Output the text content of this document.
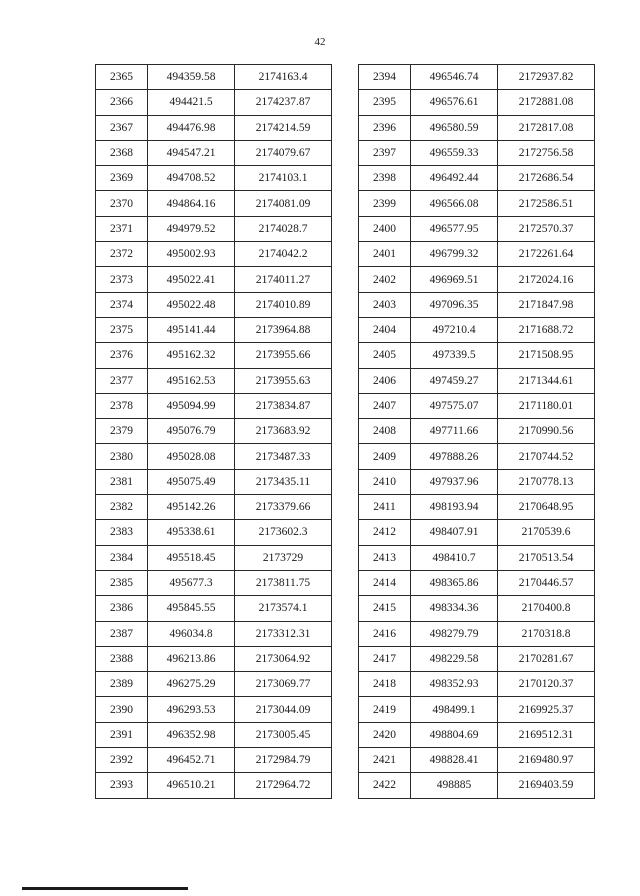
42
2365	494359.58	2174163.4
2366	494421.5	2174237.87
2367	494476.98	2174214.59
2368	494547.21	2174079.67
2369	494708.52	2174103.1
2370	494864.16	2174081.09
2371	494979.52	2174028.7
2372	495002.93	2174042.2
2373	495022.41	2174011.27
2374	495022.48	2174010.89
2375	495141.44	2173964.88
2376	495162.32	2173955.66
2377	495162.53	2173955.63
2378	495094.99	2173834.87
2379	495076.79	2173683.92
2380	495028.08	2173487.33
2381	495075.49	2173435.11
2382	495142.26	2173379.66
2383	495338.61	2173602.3
2384	495518.45	2173729
2385	495677.3	2173811.75
2386	495845.55	2173574.1
2387	496034.8	2173312.31
2388	496213.86	2173064.92
2389	496275.29	2173069.77
2390	496293.53	2173044.09
2391	496352.98	2173005.45
2392	496452.71	2172984.79
2393	496510.21	2172964.72
2394	496546.74	2172937.82
2395	496576.61	2172881.08
2396	496580.59	2172817.08
2397	496559.33	2172756.58
2398	496492.44	2172686.54
2399	496566.08	2172586.51
2400	496577.95	2172570.37
2401	496799.32	2172261.64
2402	496969.51	2172024.16
2403	497096.35	2171847.98
2404	497210.4	2171688.72
2405	497339.5	2171508.95
2406	497459.27	2171344.61
2407	497575.07	2171180.01
2408	497711.66	2170990.56
2409	497888.26	2170744.52
2410	497937.96	2170778.13
2411	498193.94	2170648.95
2412	498407.91	2170539.6
2413	498410.7	2170513.54
2414	498365.86	2170446.57
2415	498334.36	2170400.8
2416	498279.79	2170318.8
2417	498229.58	2170281.67
2418	498352.93	2170120.37
2419	498499.1	2169925.37
2420	498804.69	2169512.31
2421	498828.41	2169480.97
2422	498885	2169403.59
